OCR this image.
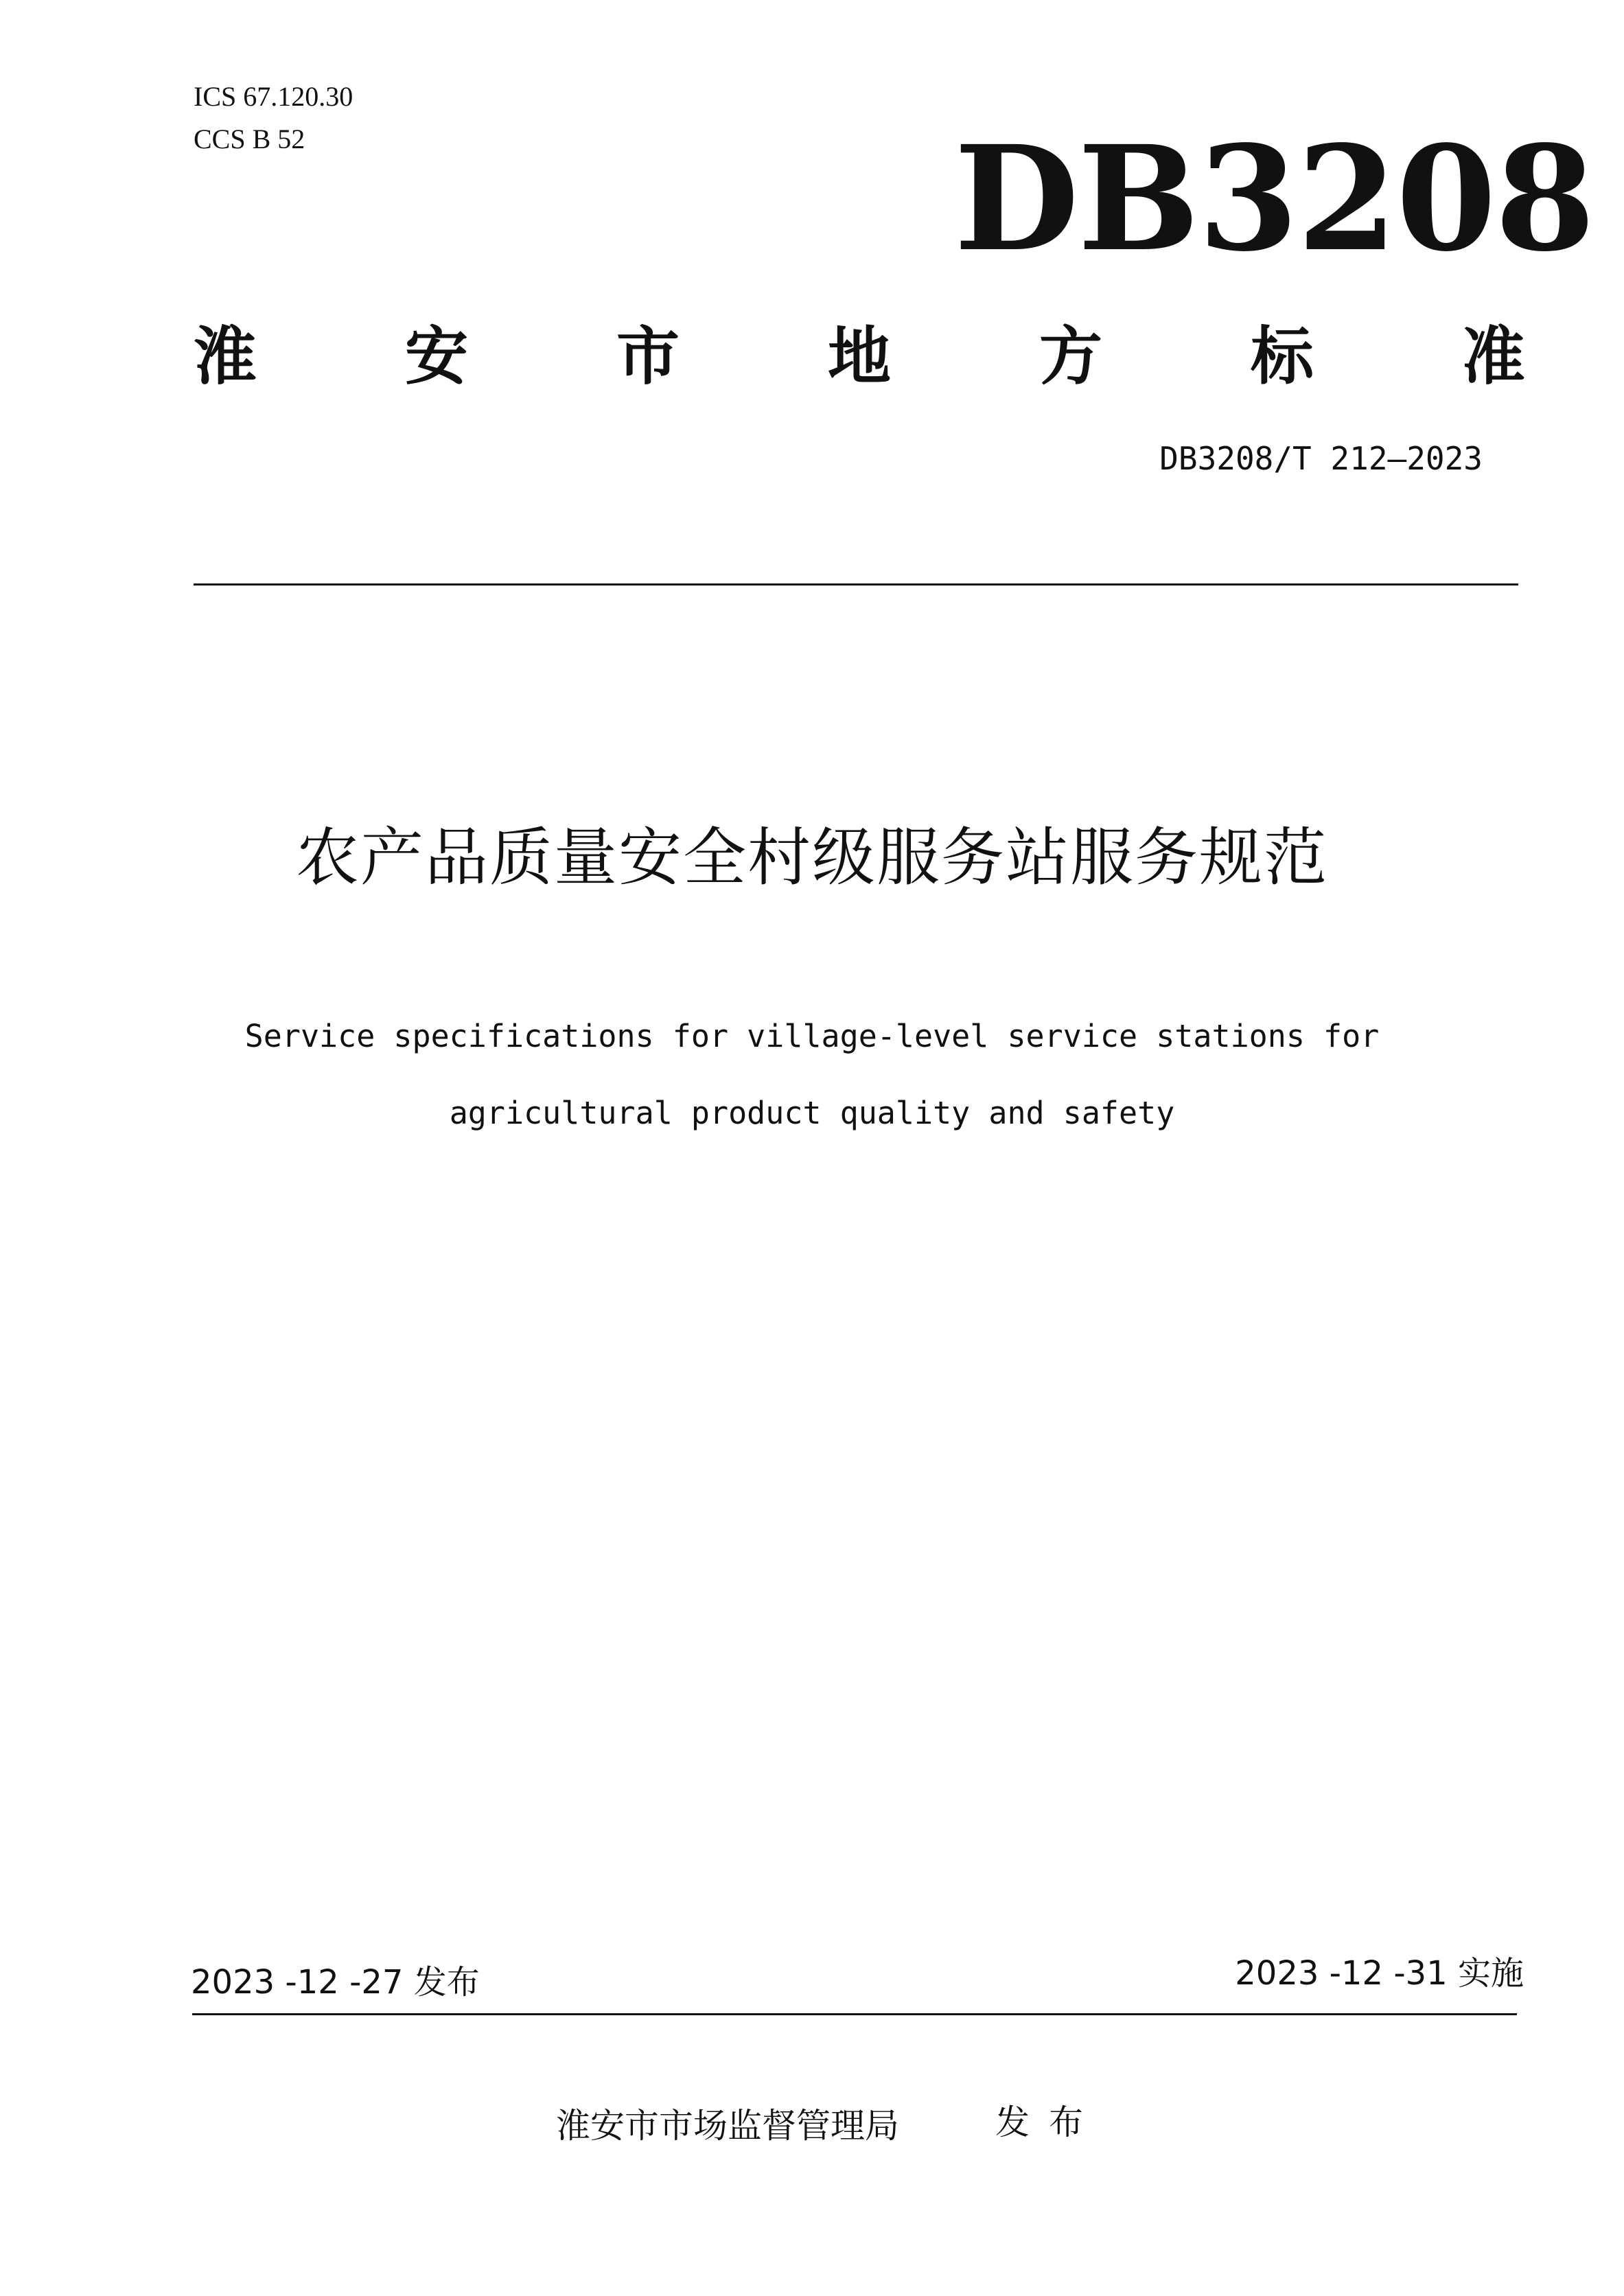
ICS 67.120.30
CCS B 52	DB3208
淮 安 市 地 方 标 准
DB3208/T 212—2023
农产品质量安全村级服务站服务规范
Service specifications for village-level service stations for
agricultural product quality and safety
2023 -12 -27 发布	2023 -12 -31 实施
淮安市市场监督管理局	发布
